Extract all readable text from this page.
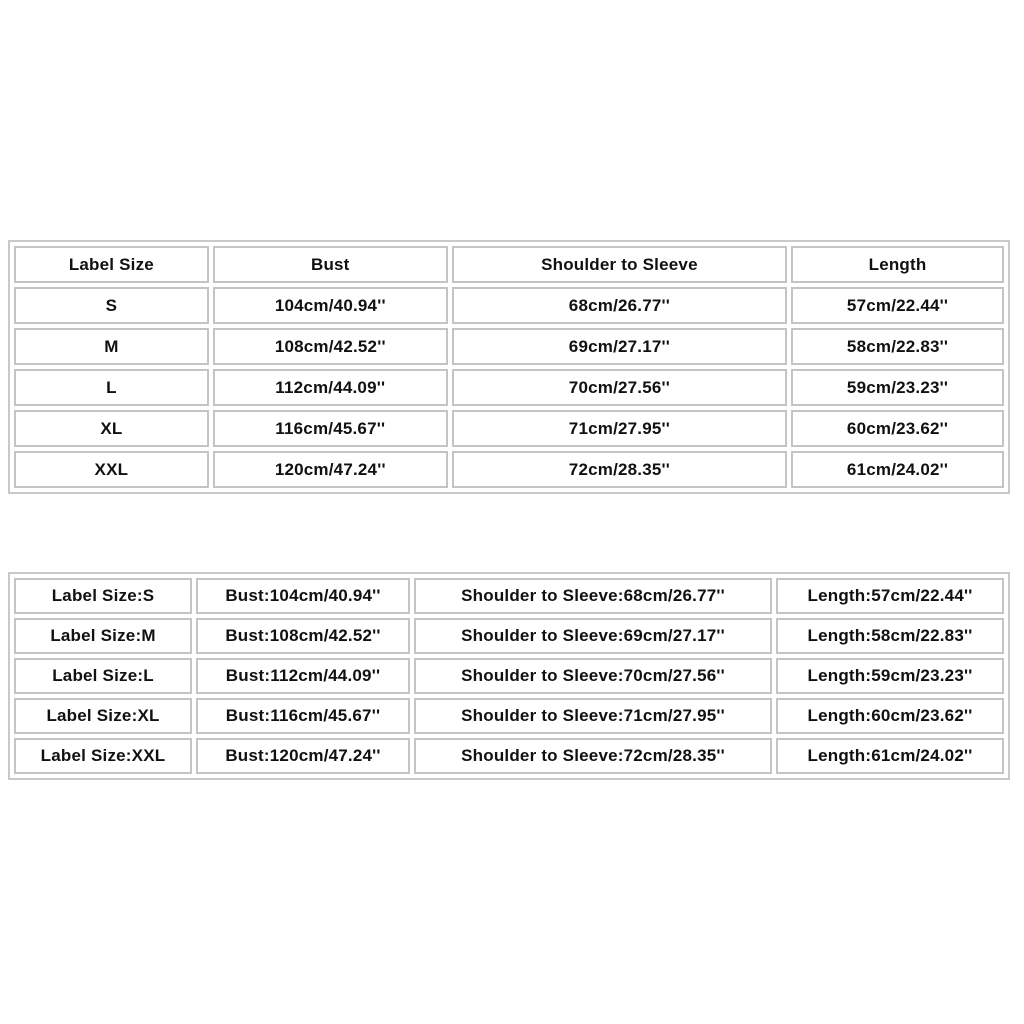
Label Size	Bust	Shoulder to Sleeve	Length
S	104cm/40.94''	68cm/26.77''	57cm/22.44''
M	108cm/42.52''	69cm/27.17''	58cm/22.83''
L	112cm/44.09''	70cm/27.56''	59cm/23.23''
XL	116cm/45.67''	71cm/27.95''	60cm/23.62''
XXL	120cm/47.24''	72cm/28.35''	61cm/24.02''
Label Size:S	Bust:104cm/40.94''	Shoulder to Sleeve:68cm/26.77''	Length:57cm/22.44''
Label Size:M	Bust:108cm/42.52''	Shoulder to Sleeve:69cm/27.17''	Length:58cm/22.83''
Label Size:L	Bust:112cm/44.09''	Shoulder to Sleeve:70cm/27.56''	Length:59cm/23.23''
Label Size:XL	Bust:116cm/45.67''	Shoulder to Sleeve:71cm/27.95''	Length:60cm/23.62''
Label Size:XXL	Bust:120cm/47.24''	Shoulder to Sleeve:72cm/28.35''	Length:61cm/24.02''
